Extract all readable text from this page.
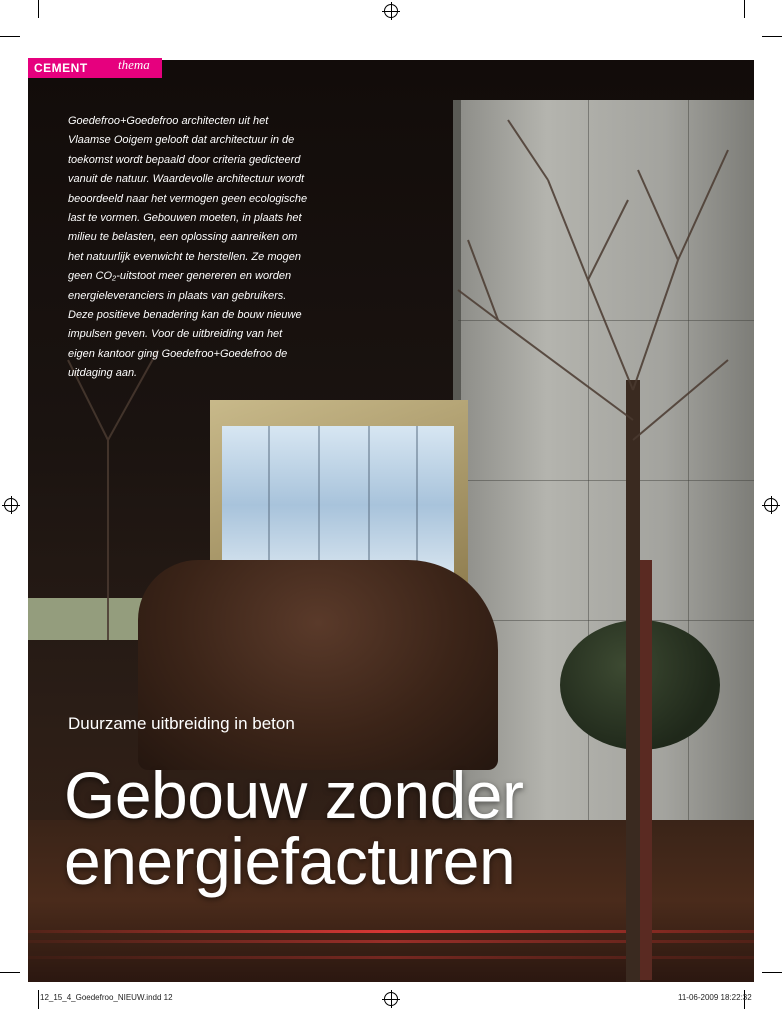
CEMENT thema
Goedefroo+Goedefroo architecten uit het Vlaamse Ooigem gelooft dat architectuur in de toekomst wordt bepaald door criteria gedicteerd vanuit de natuur. Waardevolle architectuur wordt beoordeeld naar het vermogen geen ecologische last te vormen. Gebouwen moeten, in plaats het milieu te belasten, een oplossing aanreiken om het natuurlijk evenwicht te herstellen. Ze mogen geen CO₂-uitstoot meer genereren en worden energieleveranciers in plaats van gebruikers. Deze positieve benadering kan de bouw nieuwe impulsen geven. Voor de uitbreiding van het eigen kantoor ging Goedefroo+Goedefroo de uitdaging aan.
Duurzame uitbreiding in beton
Gebouw zonder
energiefacturen
12_15_4_Goedefroo_NIEUW.indd 12	11-06-2009 18:22:32
